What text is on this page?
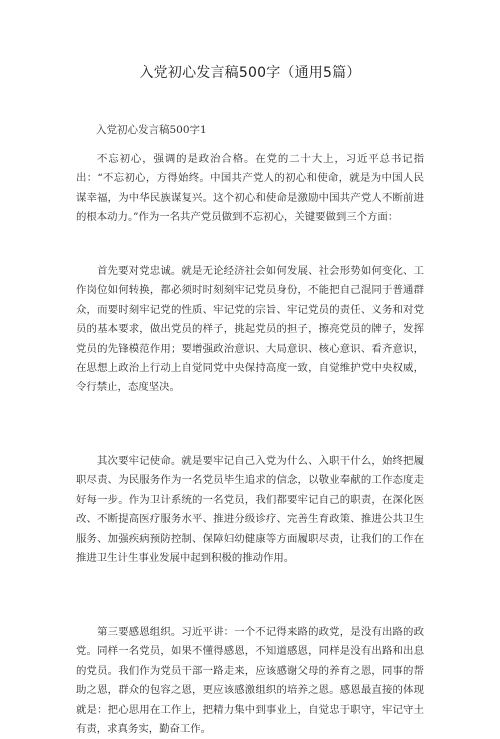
入党初心发言稿500字（通用5篇）
入党初心发言稿500字1

不忘初心，强调的是政治合格。在党的二十大上，习近平总书记指出：“不忘初心，方得始终。中国共产党人的初心和使命，就是为中国人民谋幸福，为中华民族谋复兴。这个初心和使命是激励中国共产党人不断前进的根本动力。”作为一名共产党员做到不忘初心，关键要做到三个方面：

首先要对党忠诚。就是无论经济社会如何发展、社会形势如何变化、工作岗位如何转换，都必须时时刻刻牢记党员身份，不能把自己混同于普通群众，而要时刻牢记党的性质、牢记党的宗旨、牢记党员的责任、义务和对党员的基本要求，做出党员的样子，挑起党员的担子，擦亮党员的牌子，发挥党员的先锋模范作用；要增强政治意识、大局意识、核心意识、看齐意识，在思想上政治上行动上自觉同党中央保持高度一致，自觉维护党中央权威，令行禁止，态度坚决。

其次要牢记使命。就是要牢记自己入党为什么、入职干什么，始终把履职尽责、为民服务作为一名党员毕生追求的信念，以敬业奉献的工作态度走好每一步。作为卫计系统的一名党员，我们都要牢记自己的职责，在深化医改、不断提高医疗服务水平、推进分级诊疗、完善生育政策、推进公共卫生服务、加强疾病预防控制、保障妇幼健康等方面履职尽责，让我们的工作在推进卫生计生事业发展中起到积极的推动作用。

第三要感恩组织。习近平讲：一个不记得来路的政党，是没有出路的政党。同样一名党员，如果不懂得感恩，不知道感恩，同样是没有出路和出息的党员。我们作为党员干部一路走来，应该感谢父母的养育之恩，同事的帮助之恩，群众的包容之恩，更应该感激组织的培养之恩。感恩最直接的体现就是：把心思用在工作上，把精力集中到事业上，自觉忠于职守，牢记守土有责，求真务实，勤奋工作。
